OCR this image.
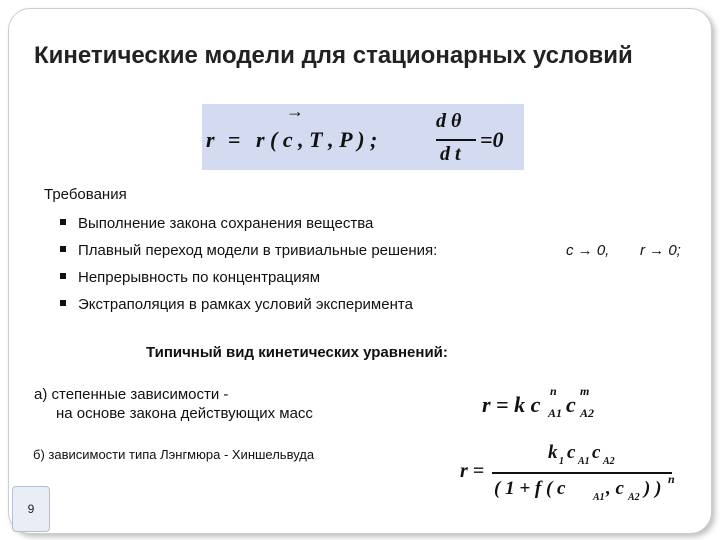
Кинетические модели для стационарных условий
r = r ( c , T , P ) ;
→	d θ
d t
=0
Требования
Выполнение закона сохранения вещества
Плавный переход модели в тривиальные решения:
Непрерывность по концентрациям
Экстраполяция в рамках условий эксперимента
c → 0, r → 0;
Типичный вид кинетических уравнений:
а) степенные зависимости -
на основе закона действующих масс	r = k c
n
A1 c
m
A2
б) зависимости типа Лэнгмюра - Хиншельвуда
r =
k 1 c A1 c A2
( 1 + f ( c	A1 , c A2 ) ) n
9
